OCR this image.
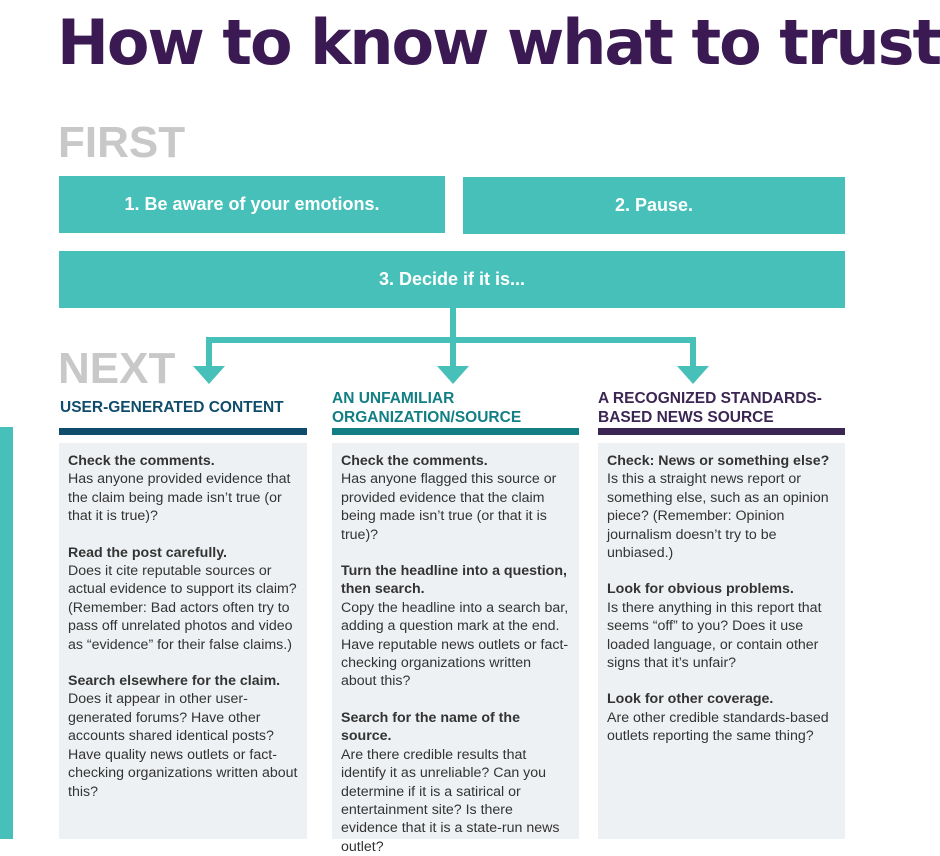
How to know what to trust
FIRST
1. Be aware of your emotions.	2. Pause.
3. Decide if it is...
NEXT
USER-GENERATED CONTENT
Check the comments.
Has anyone provided evidence that the claim being made isn’t true (or that it is true)?
Read the post carefully.
Does it cite reputable sources or actual evidence to support its claim? (Remember: Bad actors often try to pass off unrelated photos and video as “evidence” for their false claims.)
Search elsewhere for the claim.
Does it appear in other user-generated forums? Have other accounts shared identical posts? Have quality news outlets or fact-checking organizations written about this?
AN UNFAMILIAR ORGANIZATION/SOURCE
Check the comments.
Has anyone flagged this source or provided evidence that the claim being made isn’t true (or that it is true)?
Turn the headline into a question, then search.
Copy the headline into a search bar, adding a question mark at the end. Have reputable news outlets or fact-checking organizations written about this?
Search for the name of the source.
Are there credible results that identify it as unreliable? Can you determine if it is a satirical or entertainment site? Is there evidence that it is a state-run news outlet?
A RECOGNIZED STANDARDS-BASED NEWS SOURCE
Check: News or something else?
Is this a straight news report or something else, such as an opinion piece? (Remember: Opinion journalism doesn’t try to be unbiased.)
Look for obvious problems.
Is there anything in this report that seems “off” to you? Does it use loaded language, or contain other signs that it’s unfair?
Look for other coverage.
Are other credible standards-based outlets reporting the same thing?
